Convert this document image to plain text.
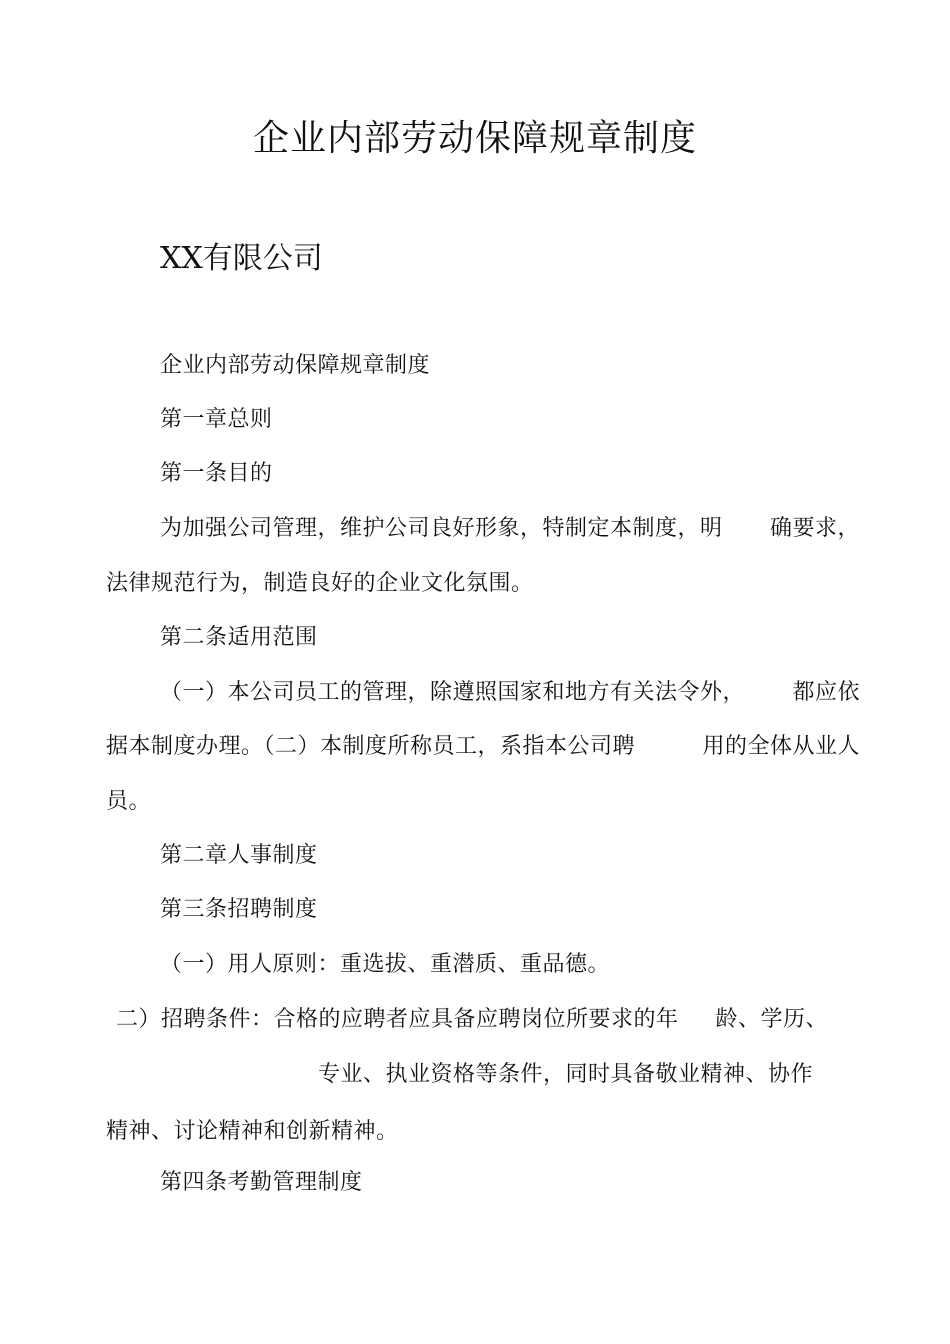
企业内部劳动保障规章制度
XX有限公司
企业内部劳动保障规章制度
第一章总则
第一条目的
为加强公司管理，维护公司良好形象，特制定本制度，明 确要求，
法律规范行为，制造良好的企业文化氛围。
第二条适用范围
（一）本公司员工的管理，除遵照国家和地方有关法令外， 都应依
据本制度办理。（二）本制度所称员工，系指本公司聘	用的全体从业人
员。
第二章人事制度
第三条招聘制度
（一）用人原则：重选拔、重潜质、重品德。
二）招聘条件：合格的应聘者应具备应聘岗位所要求的年 龄、学历、
专业、执业资格等条件，同时具备敬业精神、协作
精神、讨论精神和创新精神。
第四条考勤管理制度
